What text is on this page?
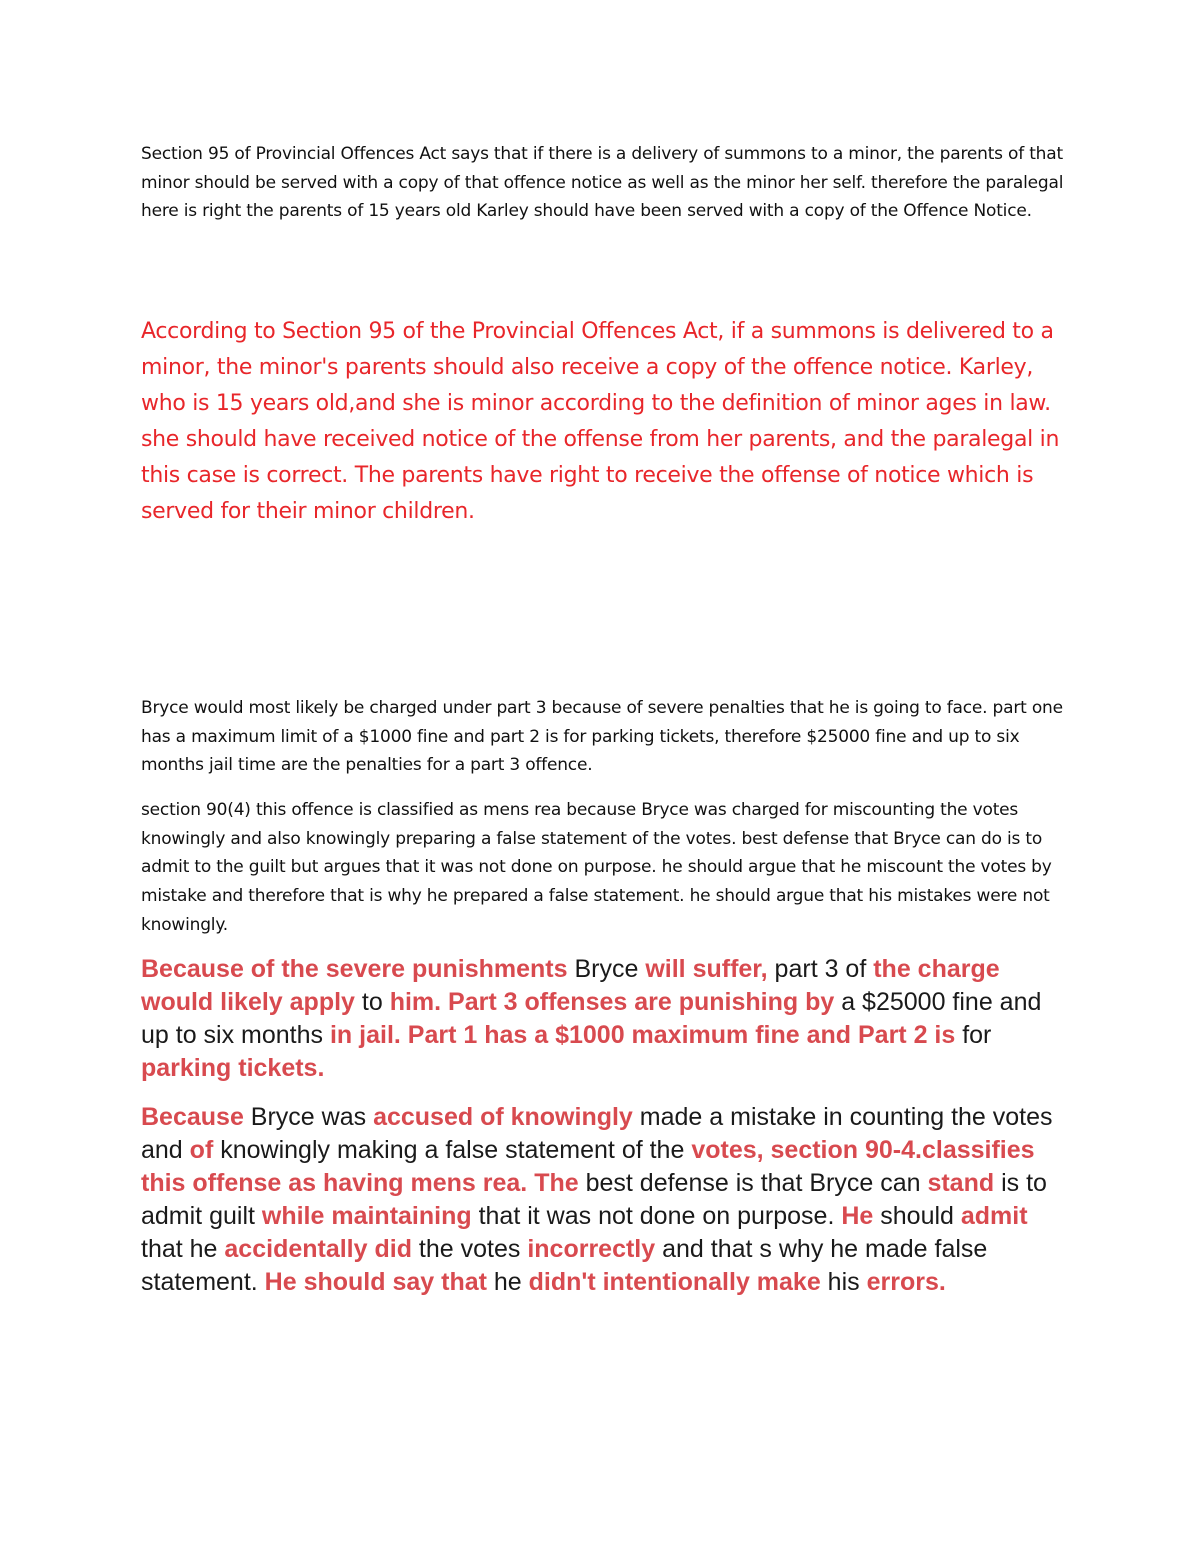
Section 95 of Provincial Offences Act says that if there is a delivery of summons to a minor, the parents of that minor should be served with a copy of that offence notice as well as the minor her self. therefore the paralegal here is right the parents of 15 years old Karley should have been served with a copy of the Offence Notice.

According to Section 95 of the Provincial Offences Act, if a summons is delivered to a minor, the minor's parents should also receive a copy of the offence notice. Karley, who is 15 years old,and she is minor according to the definition of minor ages in law. she should have received notice of the offense from her parents, and the paralegal in this case is correct. The parents have right to receive the offense of notice which is served for their minor children.

Bryce would most likely be charged under part 3 because of severe penalties that he is going to face. part one has a maximum limit of a $1000 fine and part 2 is for parking tickets, therefore $25000 fine and up to six months jail time are the penalties for a part 3 offence.

section 90(4) this offence is classified as mens rea because Bryce was charged for miscounting the votes knowingly and also knowingly preparing a false statement of the votes. best defense that Bryce can do is to admit to the guilt but argues that it was not done on purpose. he should argue that he miscount the votes by mistake and therefore that is why he prepared a false statement. he should argue that his mistakes were not knowingly.

Because of the severe punishments Bryce will suffer, part 3 of the charge would likely apply to him. Part 3 offenses are punishing by a $25000 fine and up to six months in jail. Part 1 has a $1000 maximum fine and Part 2 is for parking tickets.

Because Bryce was accused of knowingly made a mistake in counting the votes and of knowingly making a false statement of the votes, section 90-4.classifies this offense as having mens rea. The best defense is that Bryce can stand is to admit guilt while maintaining that it was not done on purpose. He should admit that he accidentally did the votes incorrectly and that s why he made false statement. He should say that he didn't intentionally make his errors.
